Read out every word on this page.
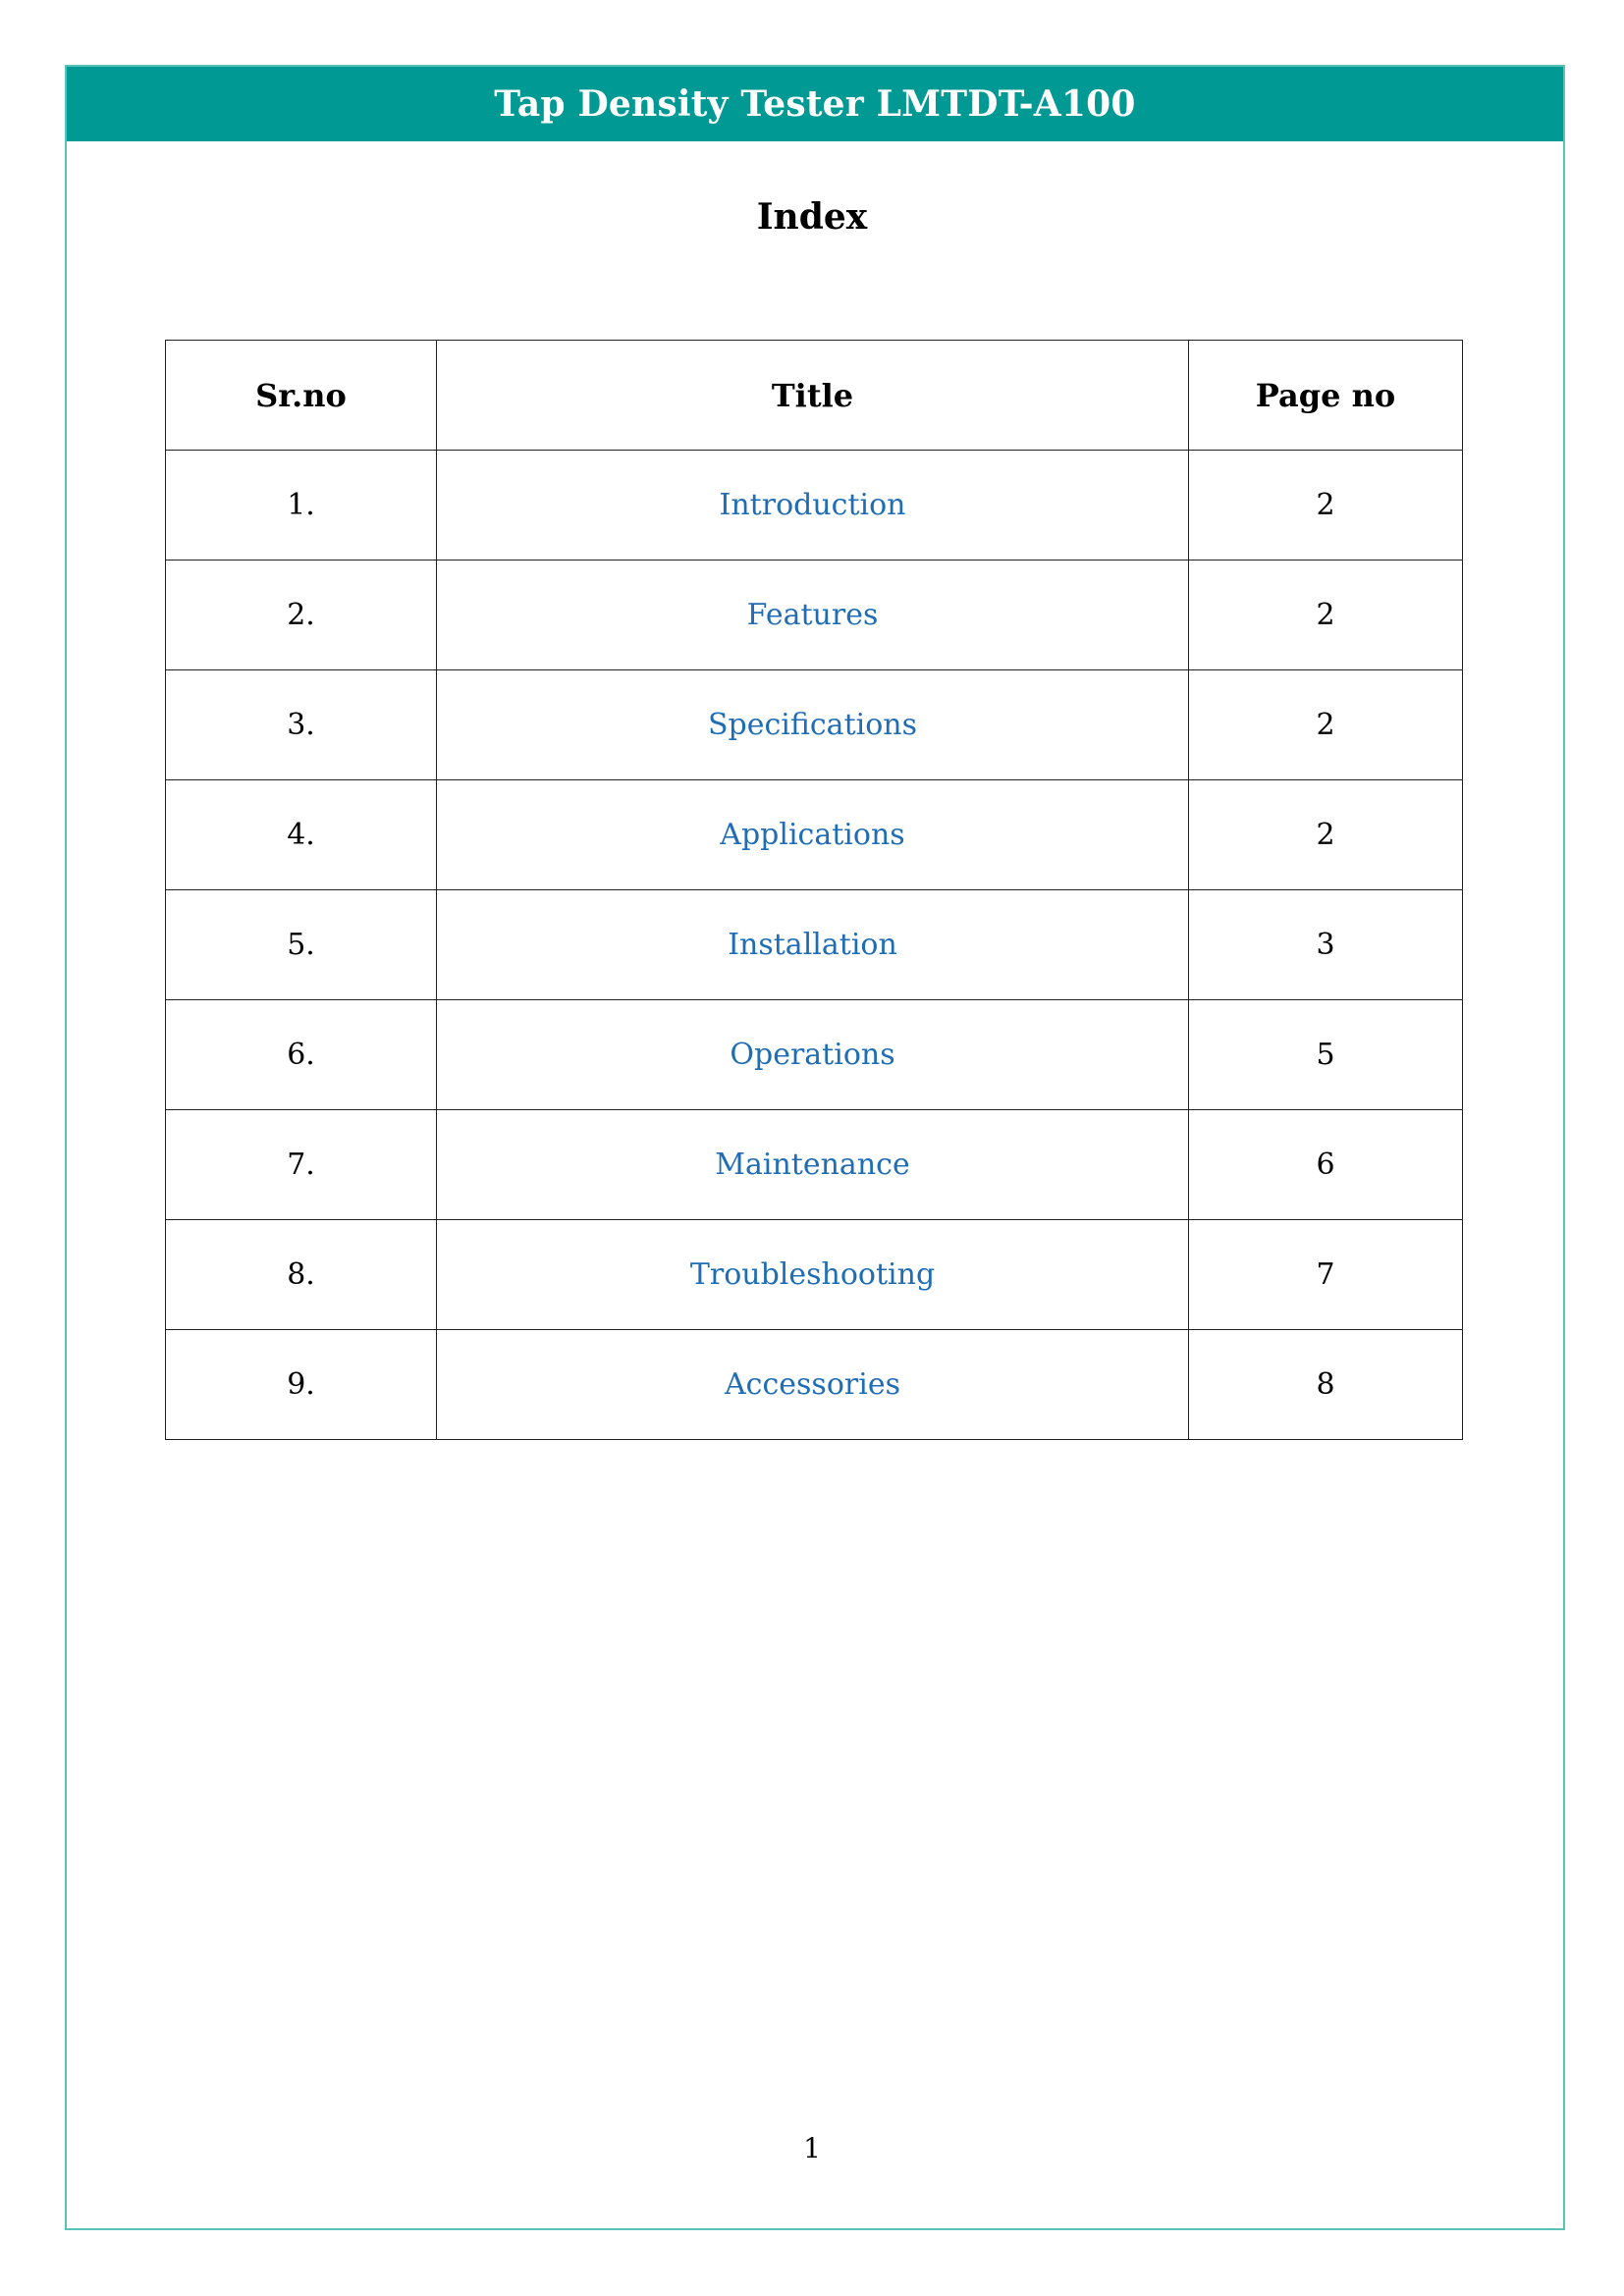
Tap Density Tester LMTDT-A100
Index
Sr.no	Title	Page no
1.	Introduction	2
2.	Features	2
3.	Specifications	2
4.	Applications	2
5.	Installation	3
6.	Operations	5
7.	Maintenance	6
8.	Troubleshooting	7
9.	Accessories	8
1
